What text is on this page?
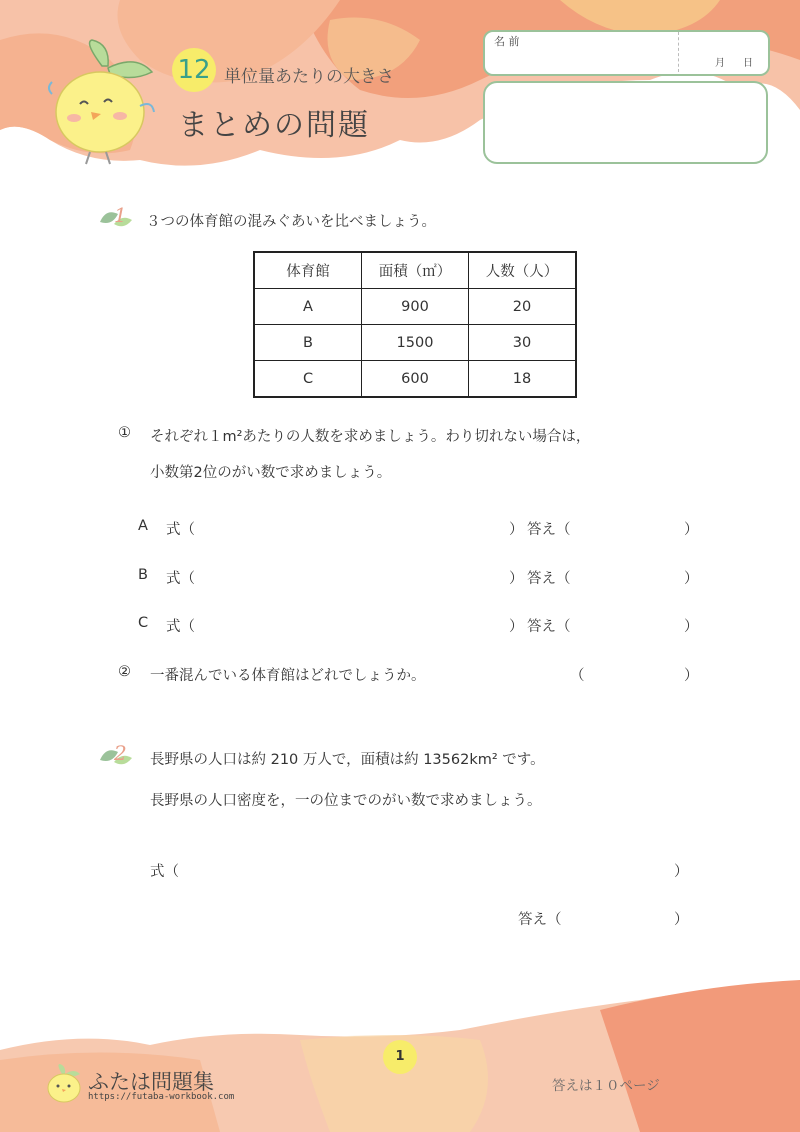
12 単位量あたりの大きさ
まとめの問題
名 前
月 日
1 ３つの体育館の混みぐあいを比べましょう。
体育館	面積（㎡）	人数（人）
A	900	20
B	1500	30
C	600	18
① それぞれ１m²あたりの人数を求めましょう。わり切れない場合は，
小数第2位のがい数で求めましょう。
A 式（	） 答え（	）
B 式（	） 答え（	）
C 式（	） 答え（	）
② 一番混んでいる体育館はどれでしょうか。	（	）
2 長野県の人口は約 210 万人で，面積は約 13562km² です。
長野県の人口密度を，一の位までのがい数で求めましょう。
式（	）
答え（	）
1
ふたは問題集
https://futaba-workbook.com
答えは１０ページ
